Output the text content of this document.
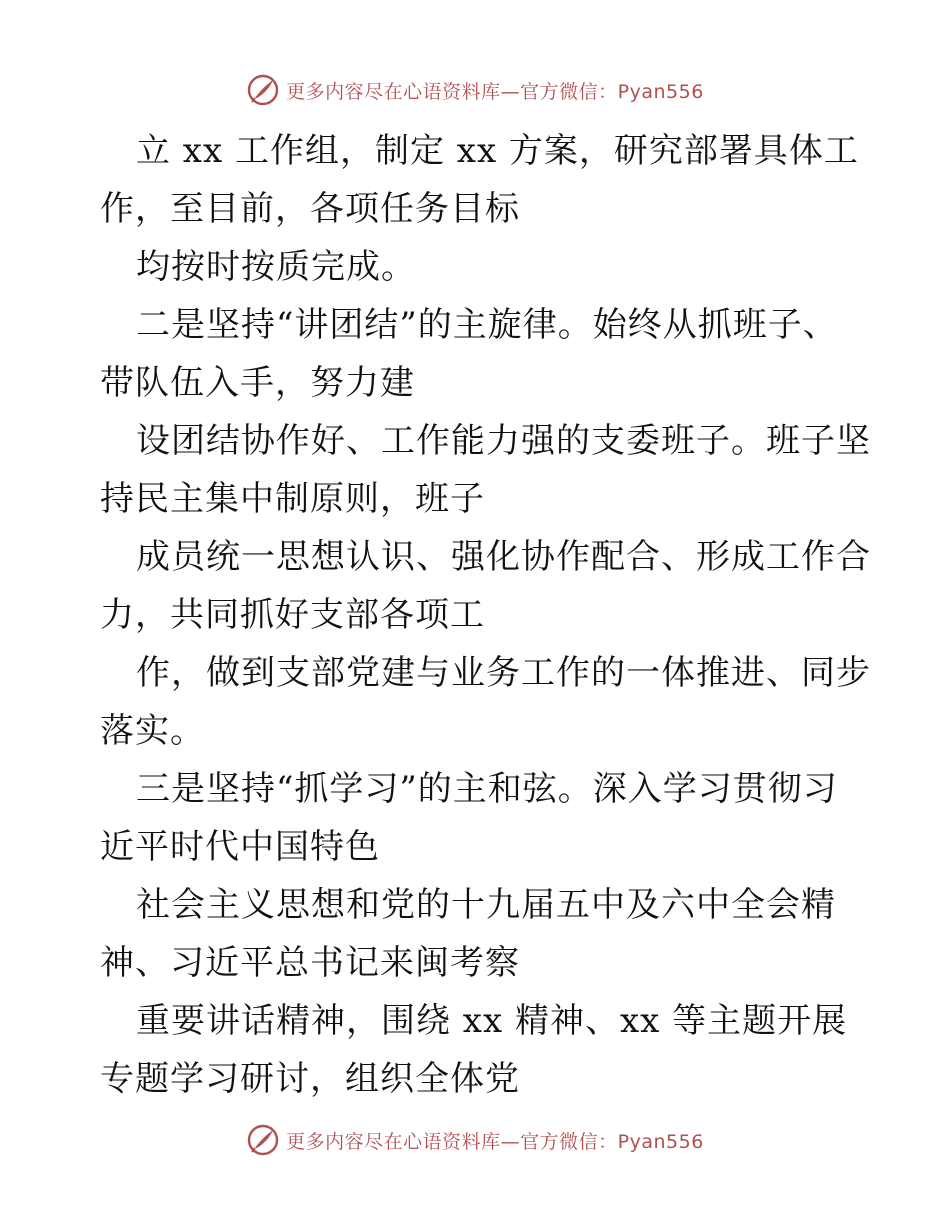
更多内容尽在心语资料库—官方微信：Pyan556
立 xx 工作组，制定 xx 方案，研究部署具体工
作，至目前，各项任务目标
均按时按质完成。
二是坚持“讲团结”的主旋律。始终从抓班子、
带队伍入手，努力建
设团结协作好、工作能力强的支委班子。班子坚
持民主集中制原则，班子
成员统一思想认识、强化协作配合、形成工作合
力，共同抓好支部各项工
作，做到支部党建与业务工作的一体推进、同步
落实。
三是坚持“抓学习”的主和弦。深入学习贯彻习
近平时代中国特色
社会主义思想和党的十九届五中及六中全会精
神、习近平总书记来闽考察
重要讲话精神，围绕 xx 精神、xx 等主题开展
专题学习研讨，组织全体党
更多内容尽在心语资料库—官方微信：Pyan556
